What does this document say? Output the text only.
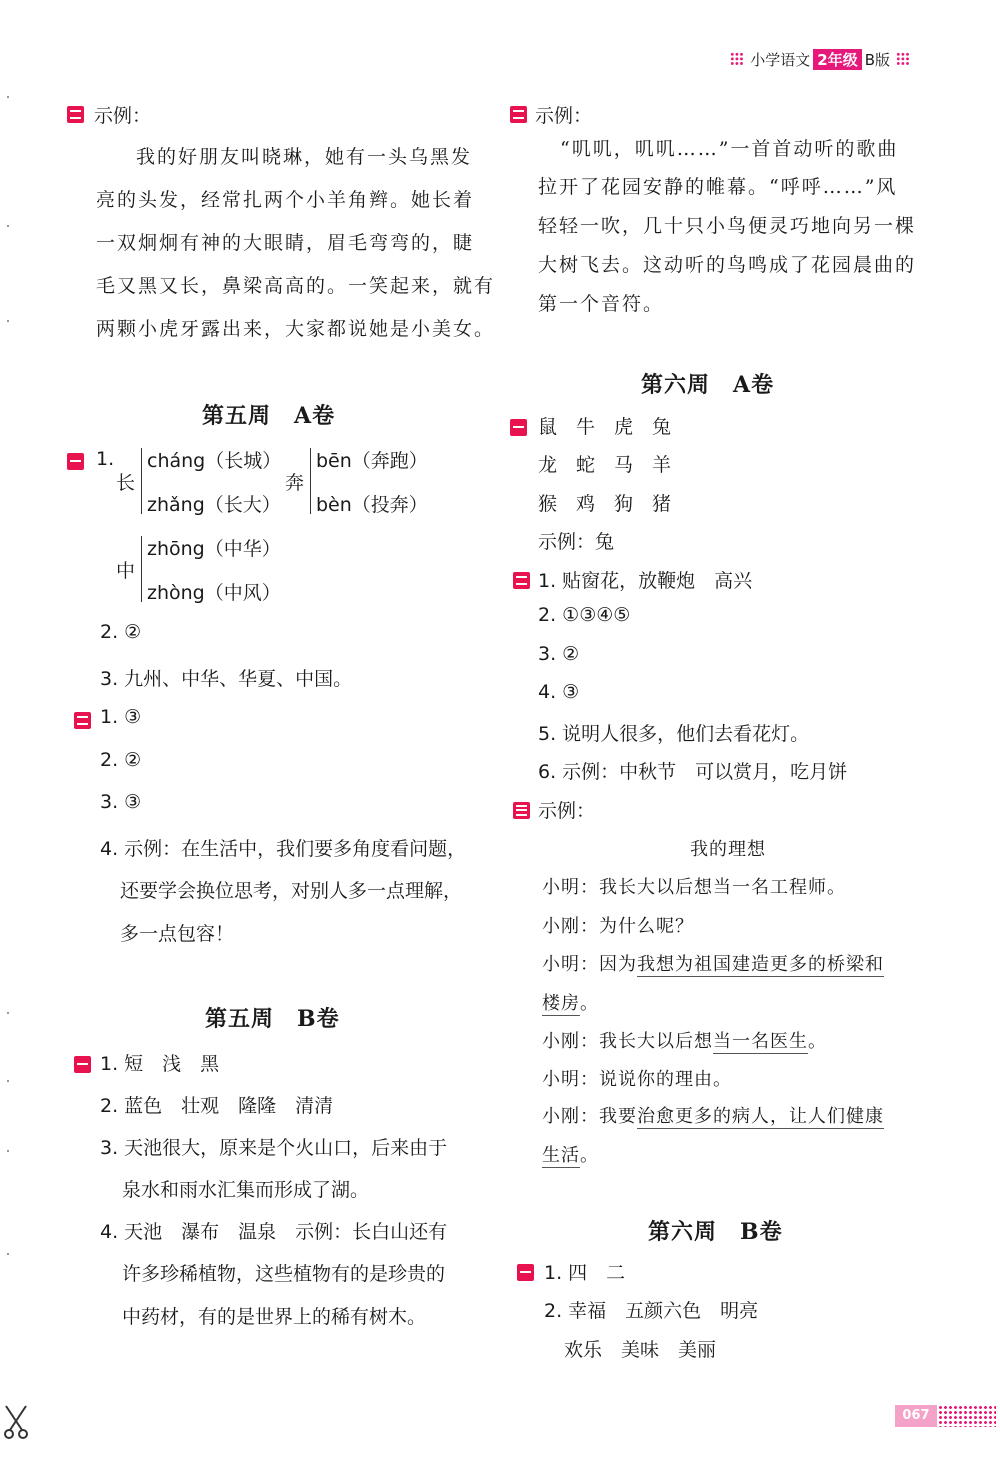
小学语文 2年级 B版
示例：
我的好朋友叫晓琳，她有一头乌黑发
亮的头发，经常扎两个小羊角辫。她长着
一双炯炯有神的大眼睛，眉毛弯弯的，睫
毛又黑又长，鼻梁高高的。一笑起来，就有
两颗小虎牙露出来，大家都说她是小美女。
第五周　A卷
1.
长
cháng（长城）
zhǎng（长大）
奔
bēn（奔跑）
bèn（投奔）
中
zhōng（中华）
zhòng（中风）
2. ②
3. 九州、中华、华夏、中国。
1. ③
2. ②
3. ③
4. 示例：在生活中，我们要多角度看问题，
还要学会换位思考，对别人多一点理解，
多一点包容！
第五周　B卷
1. 短　浅　黑
2. 蓝色　壮观　隆隆　清清
3. 天池很大，原来是个火山口，后来由于
泉水和雨水汇集而形成了湖。
4. 天池　瀑布　温泉　示例：长白山还有
许多珍稀植物，这些植物有的是珍贵的
中药材，有的是世界上的稀有树木。
示例：
“叽叽，叽叽……”一首首动听的歌曲
拉开了花园安静的帷幕。“呼呼……”风
轻轻一吹，几十只小鸟便灵巧地向另一棵
大树飞去。这动听的鸟鸣成了花园晨曲的
第一个音符。
第六周　A卷
鼠　牛　虎　兔
龙　蛇　马　羊
猴　鸡　狗　猪
示例：兔
1. 贴窗花，放鞭炮　高兴
2. ①③④⑤
3. ②
4. ③
5. 说明人很多，他们去看花灯。
6. 示例：中秋节　可以赏月，吃月饼
示例：
我的理想
小明：我长大以后想当一名工程师。
小刚：为什么呢？
小明：因为我想为祖国建造更多的桥梁和
楼房。
小刚：我长大以后想当一名医生。
小明：说说你的理由。
小刚：我要治愈更多的病人，让人们健康
生活。
第六周　B卷
1. 四　二
2. 幸福　五颜六色　明亮
欢乐　美味　美丽
067
